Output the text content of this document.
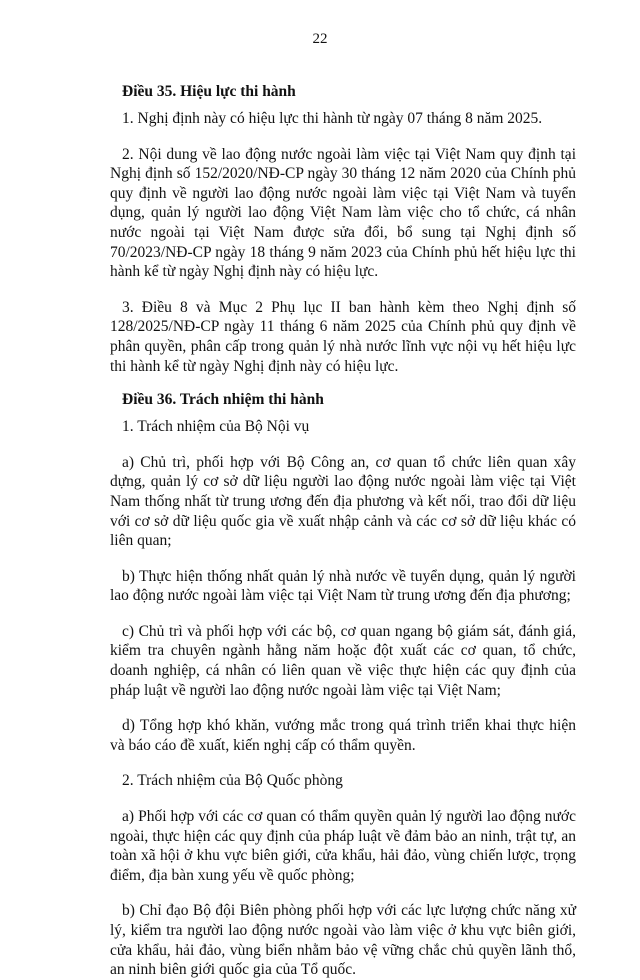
22
Điều 35. Hiệu lực thi hành

1. Nghị định này có hiệu lực thi hành từ ngày 07 tháng 8 năm 2025.

2. Nội dung về lao động nước ngoài làm việc tại Việt Nam quy định tại Nghị định số 152/2020/NĐ-CP ngày 30 tháng 12 năm 2020 của Chính phủ quy định về người lao động nước ngoài làm việc tại Việt Nam và tuyển dụng, quản lý người lao động Việt Nam làm việc cho tổ chức, cá nhân nước ngoài tại Việt Nam được sửa đổi, bổ sung tại Nghị định số 70/2023/NĐ-CP ngày 18 tháng 9 năm 2023 của Chính phủ hết hiệu lực thi hành kể từ ngày Nghị định này có hiệu lực.

3. Điều 8 và Mục 2 Phụ lục II ban hành kèm theo Nghị định số 128/2025/NĐ-CP ngày 11 tháng 6 năm 2025 của Chính phủ quy định về phân quyền, phân cấp trong quản lý nhà nước lĩnh vực nội vụ hết hiệu lực thi hành kể từ ngày Nghị định này có hiệu lực.

Điều 36. Trách nhiệm thi hành

1. Trách nhiệm của Bộ Nội vụ

a) Chủ trì, phối hợp với Bộ Công an, cơ quan tổ chức liên quan xây dựng, quản lý cơ sở dữ liệu người lao động nước ngoài làm việc tại Việt Nam thống nhất từ trung ương đến địa phương và kết nối, trao đổi dữ liệu với cơ sở dữ liệu quốc gia về xuất nhập cảnh và các cơ sở dữ liệu khác có liên quan;

b) Thực hiện thống nhất quản lý nhà nước về tuyển dụng, quản lý người lao động nước ngoài làm việc tại Việt Nam từ trung ương đến địa phương;

c) Chủ trì và phối hợp với các bộ, cơ quan ngang bộ giám sát, đánh giá, kiểm tra chuyên ngành hằng năm hoặc đột xuất các cơ quan, tổ chức, doanh nghiệp, cá nhân có liên quan về việc thực hiện các quy định của pháp luật về người lao động nước ngoài làm việc tại Việt Nam;

d) Tổng hợp khó khăn, vướng mắc trong quá trình triển khai thực hiện và báo cáo đề xuất, kiến nghị cấp có thẩm quyền.

2. Trách nhiệm của Bộ Quốc phòng

a) Phối hợp với các cơ quan có thẩm quyền quản lý người lao động nước ngoài, thực hiện các quy định của pháp luật về đảm bảo an ninh, trật tự, an toàn xã hội ở khu vực biên giới, cửa khẩu, hải đảo, vùng chiến lược, trọng điểm, địa bàn xung yếu về quốc phòng;

b) Chỉ đạo Bộ đội Biên phòng phối hợp với các lực lượng chức năng xử lý, kiểm tra người lao động nước ngoài vào làm việc ở khu vực biên giới, cửa khẩu, hải đảo, vùng biển nhằm bảo vệ vững chắc chủ quyền lãnh thổ, an ninh biên giới quốc gia của Tổ quốc.
